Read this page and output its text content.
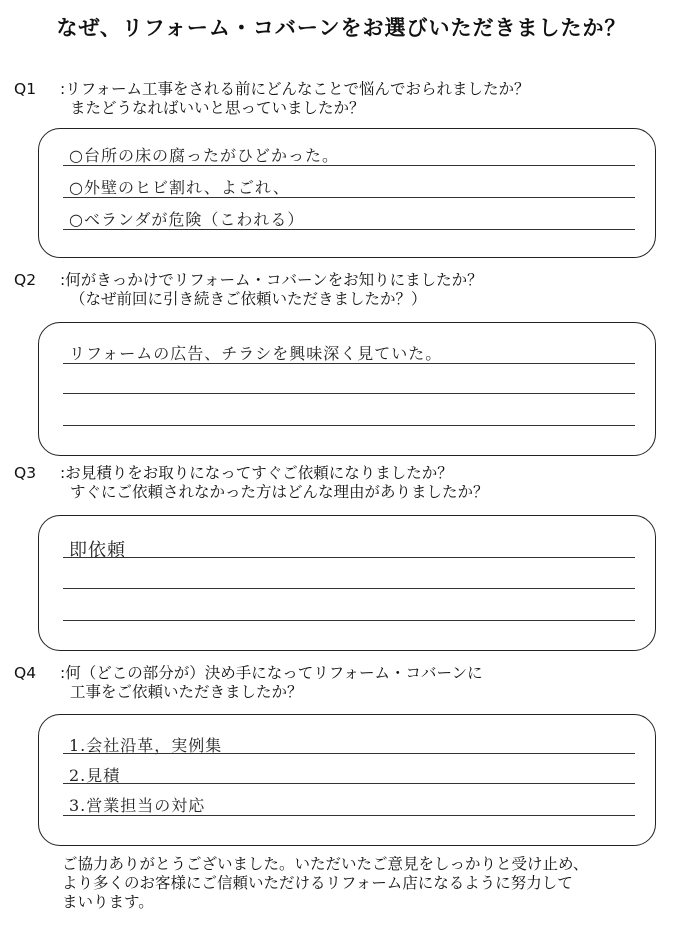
なぜ、リフォーム・コバーンをお選びいただきましたか？
Q1 :リフォーム工事をされる前にどんなことで悩んでおられましたか？
またどうなればいいと思っていましたか？
○台所の床の腐ったがひどかった。
○外壁のヒビ割れ、よごれ、
○ベランダが危険（こわれる）
Q2 :何がきっかけでリフォーム・コバーンをお知りにましたか？
（なぜ前回に引き続きご依頼いただきましたか？）
リフォームの広告、チラシを興味深く見ていた。
Q3 :お見積りをお取りになってすぐご依頼になりましたか？
すぐにご依頼されなかった方はどんな理由がありましたか？
即依頼
Q4 :何（どこの部分が）決め手になってリフォーム・コバーンに
工事をご依頼いただきましたか？
1.会社沿革，実例集
2.見積
3.営業担当の対応
ご協力ありがとうございました。いただいたご意見をしっかりと受け止め、
より多くのお客様にご信頼いただけるリフォーム店になるように努力して
まいります。
